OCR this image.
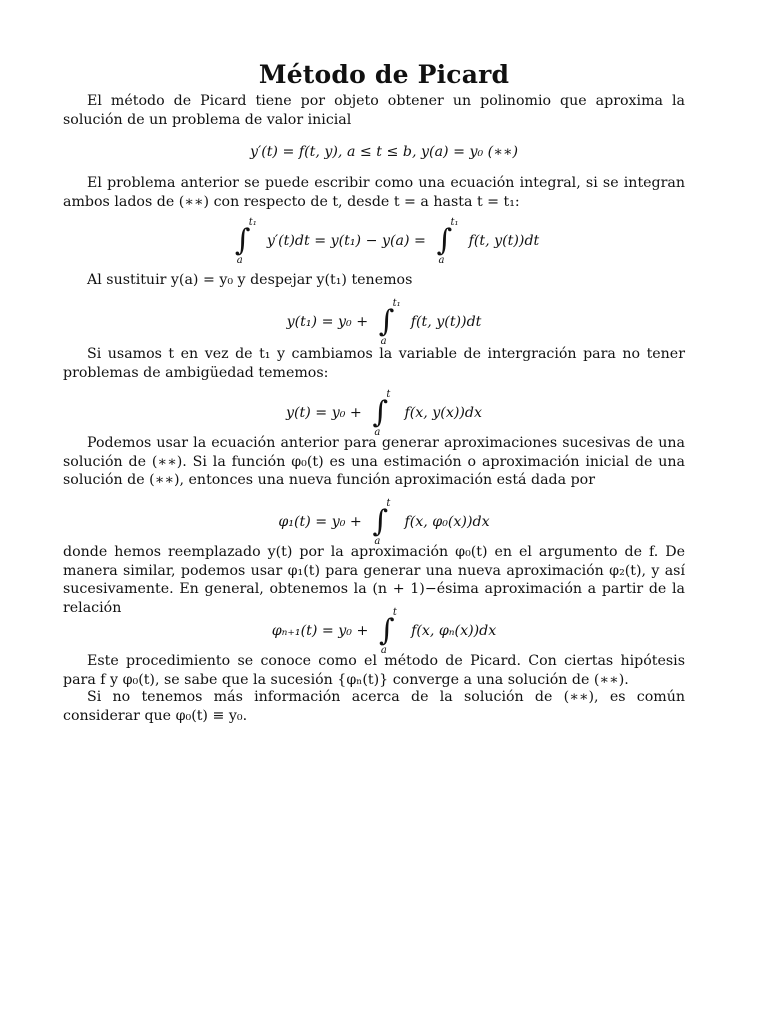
Método de Picard

El método de Picard tiene por objeto obtener un polinomio que aproxima la solución de un problema de valor inicial

y′(t) = f(t, y), a ≤ t ≤ b, y(a) = y₀ (∗∗)

El problema anterior se puede escribir como una ecuación integral, si se integran ambos lados de (∗∗) con respecto de t, desde t = a hasta t = t₁:

∫
t₁
a
y′(t)dt = y(t₁) − y(a) = ∫
t₁
a
f(t, y(t))dt

Al sustituir y(a) = y₀ y despejar y(t₁) tenemos

y(t₁) = y₀ + ∫
t₁
a
f(t, y(t))dt

Si usamos t en vez de t₁ y cambiamos la variable de intergración para no tener problemas de ambigüedad tememos:

y(t) = y₀ + ∫
t
a
f(x, y(x))dx

Podemos usar la ecuación anterior para generar aproximaciones sucesivas de una solución de (∗∗). Si la función φ₀(t) es una estimación o aproximación inicial de una solución de (∗∗), entonces una nueva función aproximación está dada por

φ₁(t) = y₀ + ∫
t
a
f(x, φ₀(x))dx

donde hemos reemplazado y(t) por la aproximación φ₀(t) en el argumento de f. De manera similar, podemos usar φ₁(t) para generar una nueva aproximación φ₂(t), y así sucesivamente. En general, obtenemos la (n + 1)−ésima aproximación a partir de la relación

φₙ₊₁(t) = y₀ + ∫
t
a
f(x, φₙ(x))dx

Este procedimiento se conoce como el método de Picard. Con ciertas hipótesis para f y φ₀(t), se sabe que la sucesión {φₙ(t)} converge a una solución de (∗∗).

Si no tenemos más información acerca de la solución de (∗∗), es común considerar que φ₀(t) ≡ y₀.
